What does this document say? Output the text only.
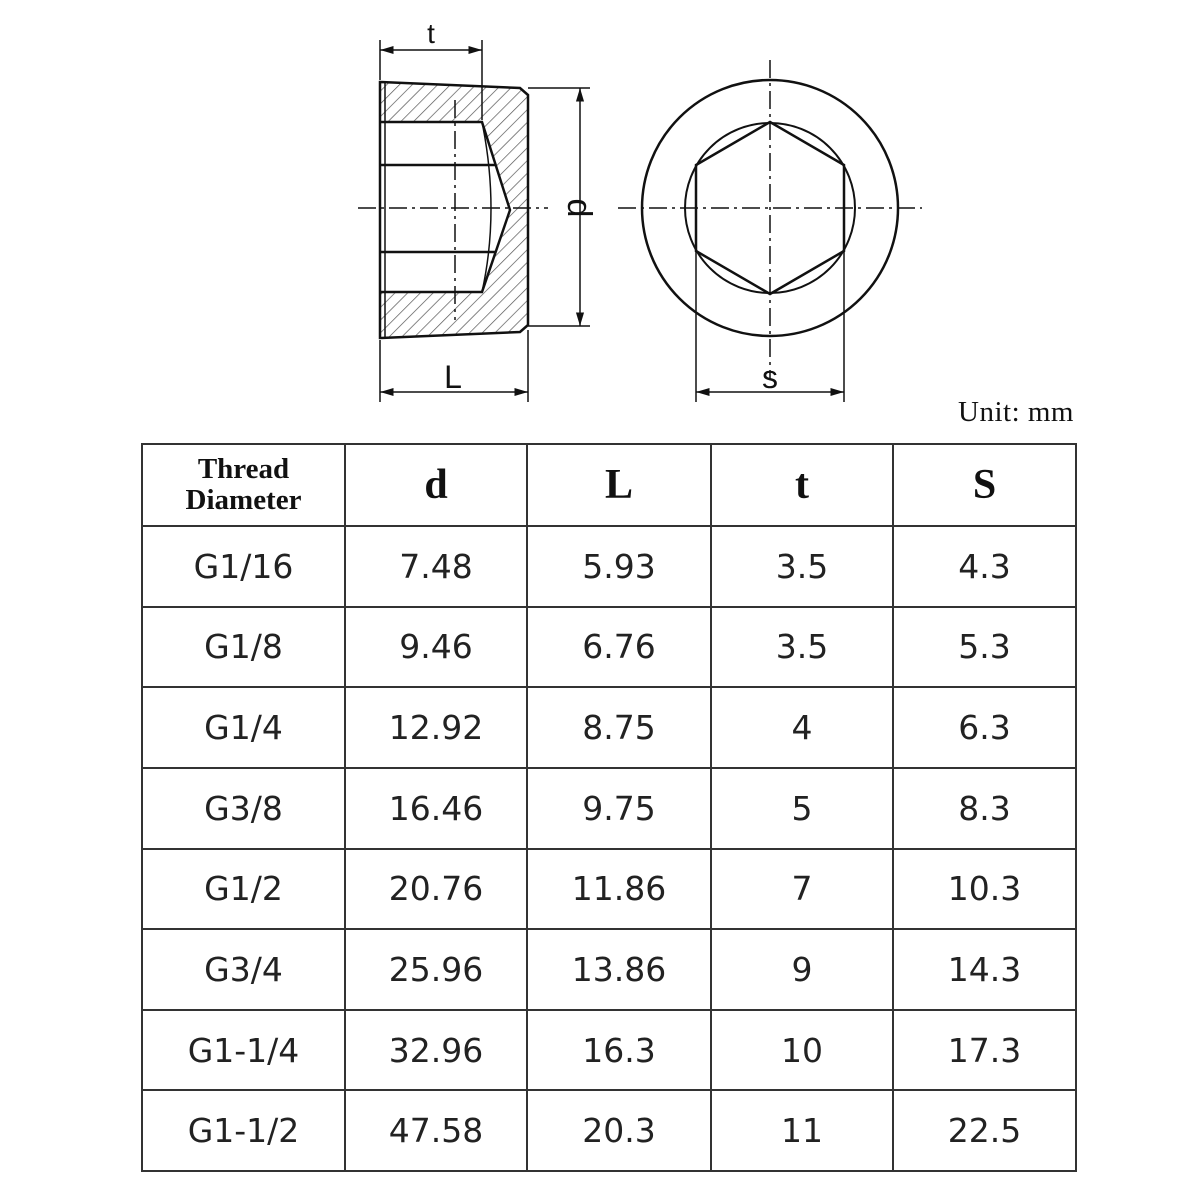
t
d
L	s
Unit: mm
Thread
Diameter	d	L	t	S
G1/16	7.48	5.93	3.5	4.3
G1/8	9.46	6.76	3.5	5.3
G1/4	12.92	8.75	4	6.3
G3/8	16.46	9.75	5	8.3
G1/2	20.76	11.86	7	10.3
G3/4	25.96	13.86	9	14.3
G1-1/4	32.96	16.3	10	17.3
G1-1/2	47.58	20.3	11	22.5
